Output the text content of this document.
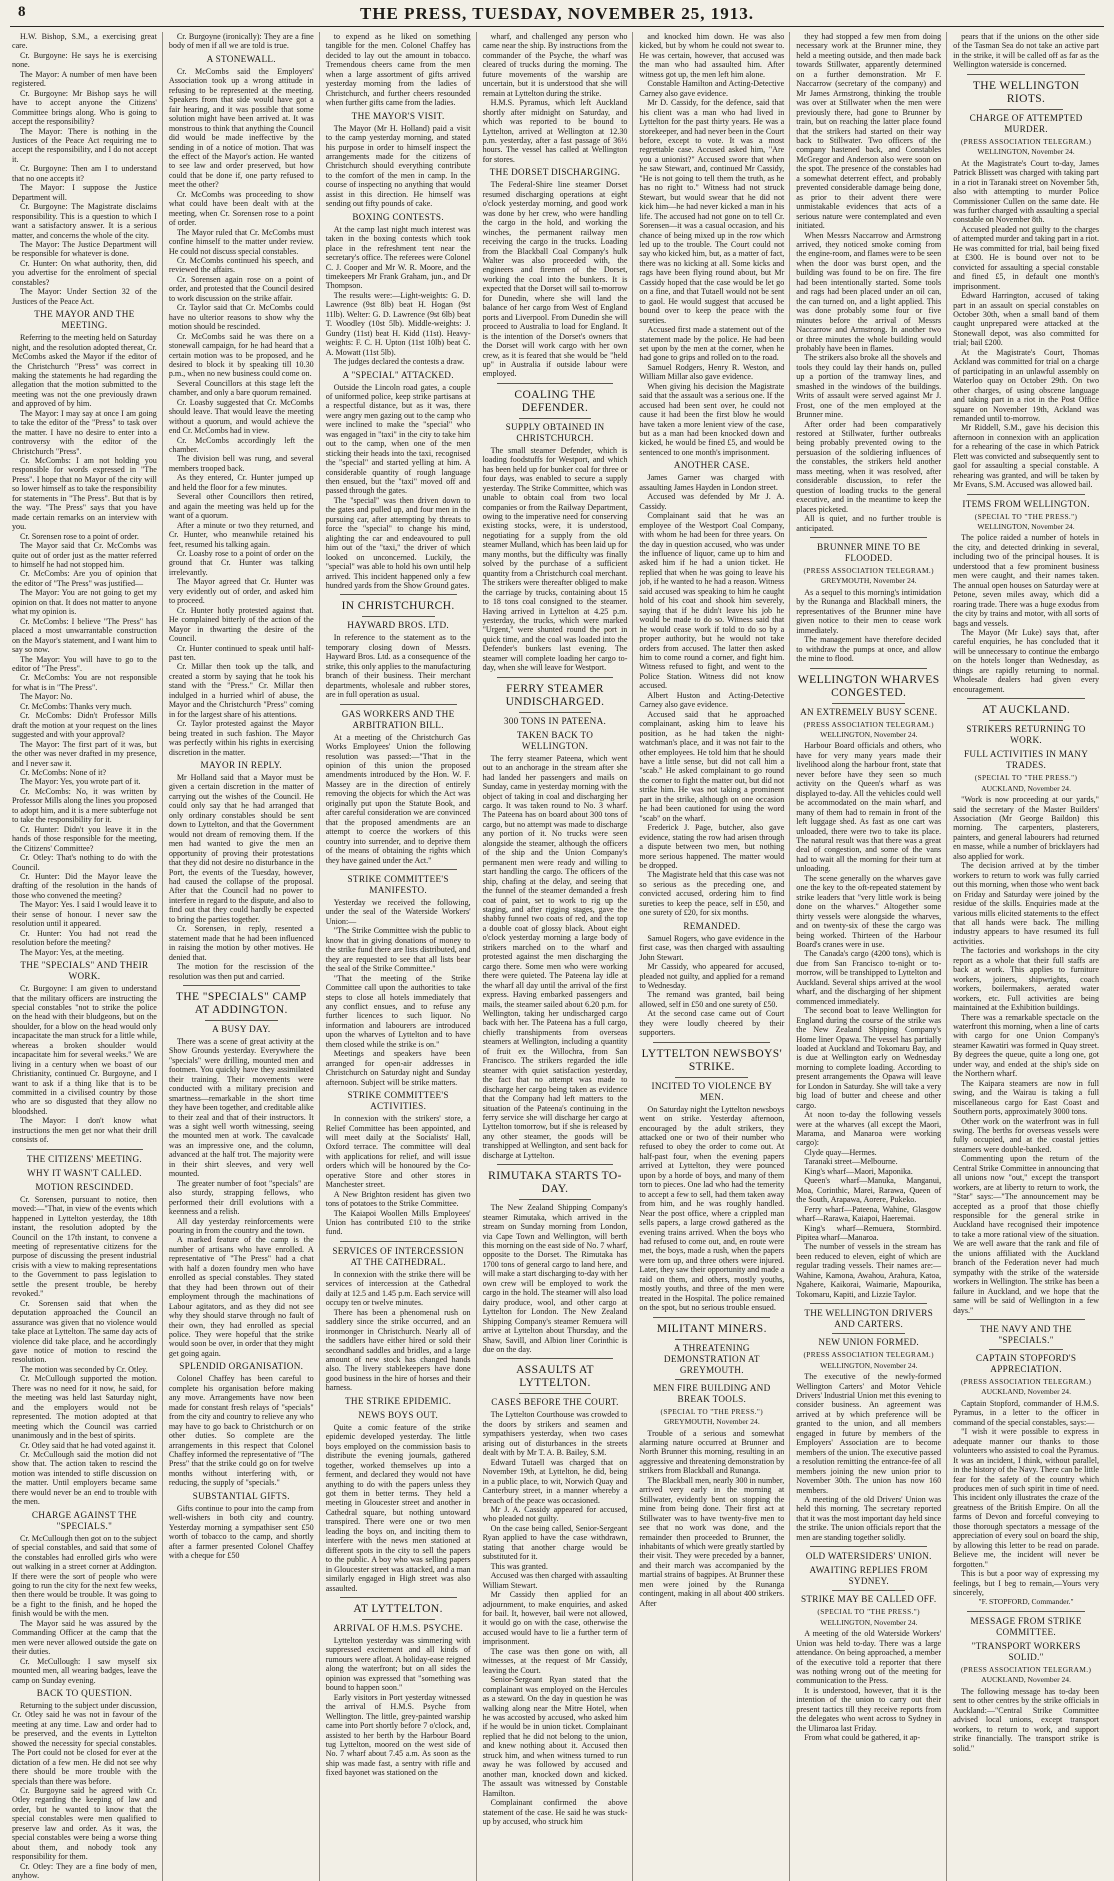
8	THE PRESS, TUESDAY, NOVEMBER 25, 1913.

H.W. Bishop, S.M., a exercising great care.

Cr. Burgoyne: He says he is exercising none.

The Mayor: A number of men have been registered.

Cr. Burgoyne: Mr Bishop says he will have to accept anyone the Citizens' Committee brings along. Who is going to accept the responsibility?

The Mayor: There is nothing in the Justices of the Peace Act requiring me to accept the responsibility, and I do not accept it.

Cr. Burgoyne: Then am I to understand that no one accepts it?

The Mayor: I suppose the Justice Department will.

Cr. Burgoyne: The Magistrate disclaims responsibility. This is a question to which I want a satisfactory answer. It is a serious matter, and concerns the whole of the city.

The Mayor: The Justice Department will be responsible for whatever is done.

Cr. Hunter: On what authority, then, did you advertise for the enrolment of special constables?

The Mayor: Under Section 32 of the Justices of the Peace Act.

THE MAYOR AND THE MEETING.

Referring to the meeting held on Saturday night, and the resolution adopted thereat, Cr. McCombs asked the Mayor if the editor of the Christchurch "Press" was correct in making the statements he had regarding the allegation that the motion submitted to the meeting was not the one previously drawn and approved of by him.

The Mayor: I may say at once I am going to take the editor of the "Press" to task over the matter. I have no desire to enter into a controversy with the editor of the Christchurch "Press".

Cr. McCombs: I am not holding you responsible for words expressed in "The Press". I hope that no Mayor of the city will so lower himself as to take the responsibility for statements in "The Press". But that is by the way. "The Press" says that you have made certain remarks on an interview with you.

Cr. Sorensen rose to a point of order.

The Mayor said that Cr. McCombs was quite out of order just as the matter referred to himself he had not stopped him.

Cr. McCombs: Are you of opinion that the editor of "The Press" was justified—

The Mayor: You are not going to get my opinion on that. It does not matter to anyone what my opinion is.

Cr. McCombs: I believe "The Press" has placed a most unwarrantable construction on the Mayor's statement, and I want him to say so now.

The Mayor: You will have to go to the editor of "The Press".

Cr. McCombs: You are not responsible for what is in "The Press".

The Mayor: No.

Cr. McCombs: Thanks very much.

Cr. McCombs: Didn't Professor Mills draft the motion at your request on the lines suggested and with your approval?

The Mayor: The first part of it was, but the other was never drafted in my presence, and I never saw it.

Cr. McCombs: None of it?

The Mayor: Yes, you wrote part of it.

Cr. McCombs: No, it was written by Professor Mills along the lines you proposed to adopt him, and it is a mere subterfuge not to take the responsibility for it.

Cr. Hunter: Didn't you leave it in the hands of those responsible for the meeting, the Citizens' Committee?

Cr. Otley: That's nothing to do with the Council.

Cr. Hunter: Did the Mayor leave the drafting of the resolution in the hands of those who convened the meeting?

The Mayor: Yes. I said I would leave it to their sense of honour. I never saw the resolution until it appeared.

Cr. Hunter: You had not read the resolution before the meeting?

The Mayor: Yes, at the meeting.

THE "SPECIALS" AND THEIR WORK.

Cr. Burgoyne: I am given to understand that the military officers are instructing the special constables "not to strike the police on the head with their bludgeons, but on the shoulder, for a blow on the head would only incapacitate the man struck for a little while, whereas a broken shoulder would incapacitate him for several weeks." We are living in a century when we boast of our Christianity, continued Cr. Burgoyne, and I want to ask if a thing like that is to be committed in a civilised country by those who are so disgusted that they allow no bloodshed.

The Mayor: I don't know what instructions the men get nor what their drill consists of.

THE CITIZENS' MEETING.
WHY IT WASN'T CALLED.
MOTION RESCINDED.

Cr. Sorensen, pursuant to notice, then moved:—"That, in view of the events which happened in Lyttelton yesterday, the 18th instant, the resolution adopted by the Council on the 17th instant, to convene a meeting of representative citizens for the purpose of discussing the present industrial crisis with a view to making representations to the Government to pass legislation to settle the present trouble, be hereby revoked."

Cr. Sorensen said that when the deputation approached the Council an assurance was given that no violence would take place at Lyttelton. The same day acts of violence did take place, and he accordingly gave notice of motion to rescind the resolution.

The motion was seconded by Cr. Otley.

Cr. McCullough supported the motion. There was no need for it now, he said, for the meeting was held last Saturday night, and the employers would not be represented. The motion adopted at that meeting which the Council was carried unanimously and in the best of spirits.

Cr. Otley said that he had voted against it.

Cr. McCullough said the motion did not show that. The action taken to rescind the motion was intended to stifle discussion on the matter. Until employers became same there would never be an end to trouble with the men.

CHARGE AGAINST THE "SPECIALS."

Cr. McCullough then got on to the subject of special constables, and said that some of the constables had enrolled girls who were out walking in a street corner at Addington. If there were the sort of people who were going to run the city for the next few weeks, then there would be trouble. It was going to be a fight to the finish, and he hoped the finish would be with the men.

The Mayor said he was assured by the Commanding Officer at the camp that the men were never allowed outside the gate on their duties.

Cr. McCullough: I saw myself six mounted men, all wearing badges, leave the camp on Sunday evening.

BACK TO QUESTION.

Returning to the subject under discussion, Cr. Otley said he was not in favour of the meeting at any time. Law and order had to be preserved, and the events in Lyttelton showed the necessity for special constables. The Port could not be closed for ever at the dictation of a few men. He did not see why there should be more trouble with the specials than there was before.

Cr. Burgoyne said he agreed with Cr. Otley regarding the keeping of law and order, but he wanted to know that the special constables were men qualified to preserve law and order. As it was, the special constables were being a worse thing about them, and nobody took any responsibility for them.

Cr. Otley: They are a fine body of men, anyhow.

Cr. Burgoyne (ironically): They are a fine body of men if all we are told is true.

A STONEWALL.

Cr. McCombs said the Employers' Association took up a wrong attitude in refusing to be represented at the meeting. Speakers from that side would have got a fair hearing, and it was possible that some solution might have been arrived at. It was monstrous to think that anything the Council did would be made ineffective by the sending in of a notice of motion. That was the effect of the Mayor's action. He wanted to see law and order preserved, but how could that be done if, one party refused to meet the other?

Cr. McCombs was proceeding to show what could have been dealt with at the meeting, when Cr. Sorensen rose to a point of order.

The Mayor ruled that Cr. McCombs must confine himself to the matter under review. He could not discuss special constables.

Cr. McCombs continued his speech, and reviewed the affairs.

Cr. Sorensen again rose on a point of order, and protested that the Council desired to work discussion on the strike affair.

Cr. Taylor said that Cr. McCombs could have no ulterior reasons to show why the motion should be rescinded.

Cr. McCombs said he was there on a stonewall campaign, for he had heard that a certain motion was to be proposed, and he desired to block it by speaking till 10.30 p.m., when no new business could come on.

Several Councillors at this stage left the chamber, and only a bare quorum remained.

Cr. Loasby suggested that Cr. McCombs should leave. That would leave the meeting without a quorum, and would achieve the end Cr. McCombs had in view.

Cr. McCombs accordingly left the chamber.

The division bell was rung, and several members trooped back.

As they entered, Cr. Hunter jumped up and held the floor for a few minutes.

Several other Councillors then retired, and again the meeting was held up for the want of a quorum.

After a minute or two they returned, and Cr. Hunter, who meanwhile retained his feet, resumed his talking again.

Cr. Loasby rose to a point of order on the ground that Cr. Hunter was talking irrelevantly.

The Mayor agreed that Cr. Hunter was very evidently out of order, and asked him to proceed.

Cr. Hunter hotly protested against that. He complained bitterly of the action of the Mayor in thwarting the desire of the Council.

Cr. Hunter continued to speak until half-past ten.

Cr. Millar then took up the talk, and created a storm by saying that he took his stand with the "Press." Cr. Millar then indulged in a hurried whirl of abuse, the Mayor and the Christchurch "Press" coming in for the largest share of his attentions.

Cr. Taylor protested against the Mayor being treated in such fashion. The Mayor was perfectly within his rights in exercising discretion in the matter.

MAYOR IN REPLY.

Mr Holland said that a Mayor must be given a certain discretion in the matter of carrying out the wishes of the Council. He could only say that he had arranged that only ordinary constables should be sent down to Lyttelton, and that the Government would not dream of removing them. If the men had wanted to give the men an opportunity of proving their protestations that they did not desire no disturbance in the Port, the events of the Tuesday, however, had caused the collapse of the proposal. After that the Council had no power to interfere in regard to the dispute, and also to find out that they could hardly be expected to bring the parties together.

Cr. Sorensen, in reply, resented a statement made that he had been influenced in raising the motion by other motives. He denied that.

The motion for the rescission of the resolution was then put and carried.

THE "SPECIALS" CAMP AT ADDINGTON.
A BUSY DAY.

There was a scene of great activity at the Show Grounds yesterday. Everywhere the "specials" were drilling, mounted men and footmen. You quickly have they assimilated their training. Their movements were conducted with a military precision and smartness—remarkable in the short time they have been together, and creditable alike to their zeal and that of their instructors. It was a sight well worth witnessing, seeing the mounted men at work. The cavalcade was an impressive one, and the column, advanced at the half trot. The majority were in their shirt sleeves, and very well mounted.

The greater number of foot "specials" are also sturdy, strapping fellows, who performed their drill evolutions with a keenness and a relish.

All day yesterday reinforcements were pouring in from the country and the town.

A marked feature of the camp is the number of artisans who have enrolled. A representative of "The Press" had a chat with half a dozen foundry men who have enrolled as special constables. They stated that they had been thrown out of their employment through the machinations of Labour agitators, and as they did not see why they should starve through no fault of their own, they had enrolled as special police. They were hopeful that the strike would soon be over, in order that they might get going again.

SPLENDID ORGANISATION.

Colonel Chaffey has been careful to complete his organisation before making any move. Arrangements have now been made for constant fresh relays of "specials" from the city and country to relieve any who may have to go back to Christchurch or on other duties. So complete are the arrangements in this respect that Colonel Chaffey informed the representative of "The Press" that the strike could go on for twelve months without interfering with, or reducing, the supply of "specials."

SUBSTANTIAL GIFTS.

Gifts continue to pour into the camp from well-wishers in both city and country. Yesterday morning a sympathiser sent £50 worth of tobacco to the camp, and shortly after a farmer presented Colonel Chaffey with a cheque for £50

to expend as he liked on something tangible for the men. Colonel Chaffey has decided to lay out the amount in tobacco. Tremendous cheers came from the men when a large assortment of gifts arrived yesterday morning from the ladies of Christchurch, and further cheers resounded when further gifts came from the ladies.

THE MAYOR'S VISIT.

The Mayor (Mr H. Holland) paid a visit to the camp yesterday morning, and stated his purpose in order to himself inspect the arrangements made for the citizens of Christchurch should everything contribute to the comfort of the men in camp. In the course of inspecting no anything that would assist in this direction. He himself was sending out fifty pounds of cake.

BOXING CONTESTS.

At the camp last night much interest was taken in the boxing contests which took place in the refreshment tent near the secretary's office. The referees were Colonel C. J. Cooper and Mr W. R. Moore, and the timekeepers Mr Frank Graham, jun., and Dr Thompson.

The results were:—Light-weights: G. D. Lawrence (9st 8lb) beat H. Hogan (9st 11lb). Welter: G. D. Lawrence (9st 6lb) beat T. Woodley (10st 5lb). Middle-weights: J. Gundry (11st) beat H. Kidd (11st). Heavy-weights: F. C. H. Upton (11st 10lb) beat C. A. Mowatt (11st 5lb).

The judges declared the contests a draw.

A "SPECIAL" ATTACKED.

Outside the Lincoln road gates, a couple of uniformed police, keep strike partisans at a respectful distance, but as it was, there were angry men gazing out to the camp who were inclined to make the "special" who was engaged in "taxi" in the city to take him out to the camp, when one of the men sticking their heads into the taxi, recognised the "special" and started yelling at him. A considerable quantity of rough language then ensued, but the "taxi" moved off and passed through the gates.

The "special" was then driven down to the gates and pulled up, and four men in the pursuing car, after attempting by threats to force the "special" to change his mind, alighting the car and endeavoured to pull him out of the "taxi," the driver of which looked on unconcerned. Luckily, the "special" was able to hold his own until help arrived. This incident happened only a few hundred yards from the Show Ground gates.

IN CHRISTCHURCH.
HAYWARD BROS. LTD.

In reference to the statement as to the temporary closing down of Messrs. Hayward Bros. Ltd. as a consequence of the strike, this only applies to the manufacturing branch of their business. Their merchant departments, wholesale and rubber stores, are in full operation as usual.

GAS WORKERS AND THE ARBITRATION BILL.

At a meeting of the Christchurch Gas Works Employees' Union the following resolution was passed:—"That in the opinion of this union the proposed amendments introduced by the Hon. W. F. Massey are in the direction of entirely removing the objects for which the Act was originally put upon the Statute Book, and after careful consideration we are convinced that the proposed amendments are an attempt to coerce the workers of this country into surrender, and to deprive them of the means of obtaining the rights which they have gained under the Act."

STRIKE COMMITTEE'S MANIFESTO.

Yesterday we received the following, under the seal of the Waterside Workers' Union:—

"The Strike Committee wish the public to know that in giving donations of money to the strike fund there are lists distributed, and they are requested to see that all lists bear the seal of the Strike Committee."

"That the meeting of the Strike Committee call upon the authorities to take steps to close all hotels immediately that any conflict ensues, and to refuse any further licences to such liquor. No information and labourers are introduced upon the wharves of Lyttelton and to have them closed while the strike is on."

Meetings and speakers have been arranged for open-air addresses in Christchurch on Saturday night and Sunday afternoon. Subject will be strike matters.

STRIKE COMMITTEE'S ACTIVITIES.

In connexion with the strikers' store, a Relief Committee has been appointed, and will meet daily at the Socialists' Hall, Oxford terrace. The committee will deal with applications for relief, and will issue orders which will be honoured by the Co-operative Store and other stores in Manchester street.

A New Brighton resident has given two tons of potatoes to the Strike Committee.

The Kaiapoi Woollen Mills Employees' Union has contributed £10 to the strike fund.

SERVICES OF INTERCESSION AT THE CATHEDRAL.

In connexion with the strike there will be services of intercession at the Cathedral daily at 12.5 and 1.45 p.m. Each service will occupy ten or twelve minutes.

There has been a phenomenal rush on saddlery since the strike occurred, and an ironmonger in Christchurch. Nearly all of the saddlers have either hired or sold their secondhand saddles and bridles, and a large amount of new stock has changed hands also. The livery stablekeepers have done good business in the hire of horses and their harness.

THE STRIKE EPIDEMIC.
NEWS BOYS OUT.

Quite a comic feature of the strike epidemic developed yesterday. The little boys employed on the commission basis to distribute the evening journals, gathered together, worked themselves up into a ferment, and declared they would not have anything to do with the papers unless they got them in better terms. They held a meeting in Gloucester street and another in Cathedral square, but nothing untoward transpired. There were one or two men leading the boys on, and inciting them to interfere with the news men stationed at different spots in the city to sell the papers to the public. A boy who was selling papers in Gloucester street was attacked, and a man similarly engaged in High street was also assaulted.

AT LYTTELTON.
ARRIVAL OF H.M.S. PSYCHE.

Lyttelton yesterday was simmering with suppressed excitement and all kinds of rumours were afloat. A holiday-ease reigned along the waterfront; but on all sides the opinion was expressed that "something was bound to happen soon."

Early visitors in Port yesterday witnessed the arrival of H.M.S. Psyche from Wellington. The little, grey-painted warship came into Port shortly before 7 o'clock, and, assisted to her berth by the Harbour Board tug Lyttelton, moored on the west side of No. 7 wharf about 7.45 a.m. As soon as the ship was made fast, a sentry with rifle and fixed bayonet was stationed on the

wharf, and challenged any person who came near the ship. By instructions from the commander of the Psyche, the wharf was cleared of trucks during the morning. The future movements of the warship are uncertain, but it is understood that she will remain at Lyttelton during the strike.

H.M.S. Pyramus, which left Auckland shortly after midnight on Saturday, and which was reported to be bound to Lyttelton, arrived at Wellington at 12.30 p.m. yesterday, after a fast passage of 36½ hours. The vessel has called at Wellington for stores.

THE DORSET DISCHARGING.

The Federal-Shire line steamer Dorset resumed discharging operations at eight o'clock yesterday morning, and good work was done by her crew, who were handling the cargo in the hold, and working the winches, the permanent railway men receiving the cargo in the trucks. Loading from the Blackball Coal Company's hulk Walter was also proceeded with, the engineers and firemen of the Dorset, working the coal into the bunkers. It is expected that the Dorset will sail to-morrow for Dunedin, where she will land the balance of her cargo from West of England ports and Liverpool. From Dunedin she will proceed to Australia to load for England. It is the intention of the Dorset's owners that the Dorset will work cargo with her own crew, as it is feared that she would be "held up" in Australia if outside labour were employed.

COALING THE DEFENDER.
SUPPLY OBTAINED IN CHRISTCHURCH.

The small steamer Defender, which is loading foodstuffs for Westport, and which has been held up for bunker coal for three or four days, was enabled to secure a supply yesterday. The Strike Committee, which was unable to obtain coal from two local companies or from the Railway Department, owing to the imperative need for conserving existing stocks, were, it is understood, negotiating for a supply from the old steamer Mulland, which has been laid up for many months, but the difficulty was finally solved by the purchase of a sufficient quantity from a Christchurch coal merchant. The strikers were thereafter obliged to make the carriage by trucks, containing about 15 to 18 tons coal consigned to the steamer. Having arrived in Lyttelton at 4.25 p.m. yesterday, the trucks, which were marked "Urgent," were shunted round the port in quick time, and the coal was loaded into the Defender's bunkers last evening. The steamer will complete loading her cargo to-day, when she will leave for Westport.

FERRY STEAMER UNDISCHARGED.
300 TONS IN PATEENA.
TAKEN BACK TO WELLINGTON.

The ferry steamer Pateena, which went out to an anchorage in the stream after she had landed her passengers and mails on Sunday, came in yesterday morning with the object of taking in coal and discharging her cargo. It was taken round to No. 3 wharf. The Pateena has on board about 300 tons of cargo, but no attempt was made to discharge any portion of it. No trucks were seen alongside the steamer, although the officers of the ship and the Union Company's permanent men were ready and willing to start handling the cargo. The officers of the ship, chafing at the delay, and seeing that the funnel of the steamer demanded a fresh coat of paint, set to work to rig up the staging, and after rigging stages, gave the shabby funnel two coats of red, and the top a double coat of glossy black. About eight o'clock yesterday morning a large body of strikers marched on to the wharf and protested against the men discharging the cargo there. Some men who were working there were quieted. The Pateena lay idle at the wharf all day until the arrival of the first express. Having embarked passengers and mails, the steamer sailed about 6.20 p.m. for Wellington, taking her undischarged cargo back with her. The Pateena has a full cargo, chiefly transhipments from overseas steamers at Wellington, including a quantity of fruit ex the Willochra, from San Francisco. The strikers regarded the idle steamer with quiet satisfaction yesterday, the fact that no attempt was made to discharge her cargo being taken as evidence that the Company had left matters to the situation of the Pateena's continuing in the ferry service she will discharge her cargo at Lyttelton tomorrow, but if she is released by any other steamer, the goods will be transhipped at Wellington, and sent back for discharge at Lyttelton.

RIMUTAKA STARTS TO-DAY.

The New Zealand Shipping Company's steamer Rimutaka, which arrived in the stream on Sunday morning from London, via Cape Town and Wellington, will berth this morning on the east side of No. 7 wharf, opposite to the Dorset. The Rimutaka has 1700 tons of general cargo to land here, and will make a start discharging to-day with her own crew will be employed to work the cargo in the hold. The steamer will also load dairy produce, wool, and other cargo at Lyttelton for London. The New Zealand Shipping Company's steamer Remuera will arrive at Lyttelton about Thursday, and the Shaw, Savill, and Albion liner Corinthic is due on the day.

ASSAULTS AT LYTTELTON.
CASES BEFORE THE COURT.

The Lyttelton Courthouse was crowded to the doors by strikers and seamen and sympathisers yesterday, when two cases arising out of disturbances in the streets dealt with by Mr T. A. B. Bailey, S.M.

Edward Tutaell was charged that on November 19th, at Lyttelton, he did, being in a public place, to wit, Norwich Quay and Canterbury street, in a manner whereby a breach of the peace was occasioned.

Mr J. A. Cassidy appeared for accused, who pleaded not guilty.

On the case being called, Senior-Sergeant Ryan applied to have the case withdrawn, stating that another charge would be substituted for it.

This was granted.

Accused was then charged with assaulting William Stewart.

Mr Cassidy then applied for an adjournment, to make enquiries, and asked for bail. It, however, bail were not allowed, it would go on with the case, otherwise the accused would have to lie a further term of imprisonment.

The case was then gone on with, all witnesses, at the request of Mr Cassidy, leaving the Court.

Senior-Sergeant Ryan stated that the complainant was employed on the Hercules as a steward. On the day in question he was walking along near the Mitre Hotel, when he was accosted by accused, who asked him if he would be in union ticket. Complainant replied that he did not belong to the union, and knew nothing about it. Accused then struck him, and when witness turned to run away he was followed by accused and another man, knocked down and kicked. The assault was witnessed by Constable Hamilton.

Complainant confirmed the above statement of the case. He said he was stuck-up by accused, who struck him

and knocked him down. He was also kicked, but by whom he could not swear to. He was certain, however, that accused was the man who had assaulted him. After witness got up, the men left him alone.

Constable Hamilton and Acting-Detective Carney also gave evidence.

Mr D. Cassidy, for the defence, said that his client was a man who had lived in Lyttelton for the past thirty years. He was a storekeeper, and had never been in the Court before, except to vote. It was a most regrettable case. Accused asked him, "Are you a unionist?" Accused swore that when he saw Stewart, and, continued Mr Cassidy, "He is not going to tell them the truth, as he has no right to." Witness had not struck Stewart, but would swear that he did not kick him—he had never kicked a man in his life. The accused had not gone on to tell Cr. Sorensen—it was a casual occasion, and his chance of being mixed up in the row which led up to the trouble. The Court could not say who kicked him, but, as a matter of fact, there was no kicking at all. Some kicks and rags have been flying round about, but Mr Cassidy hoped that the case would be let go on a fine, and that Tutaell would not be sent to gaol. He would suggest that accused be bound over to keep the peace with the sureties.

Accused first made a statement out of the statement made by the police. He had been set upon by the men at the corner, when he had gone to grips and rolled on to the road.

Samuel Rodgers, Henry R. Weston, and William Millar also gave evidence.

When giving his decision the Magistrate said that the assault was a serious one. If the accused had been sent over, he could not cause it had been the first blow he would have taken a more lenient view of the case, but as a man had been knocked down and kicked, he would be fined £5, and would be sentenced to one month's imprisonment.

ANOTHER CASE.

James Garner was charged with assaulting James Hayden in London street.

Accused was defended by Mr J. A. Cassidy.

Complainant said that he was an employee of the Westport Coal Company, with whom he had been for three years. On the day in question accused, who was under the influence of liquor, came up to him and asked him if he had a union ticket. He replied that when he was going to leave his job, if he wanted to he had a reason. Witness said accused was speaking to him he caught hold of his coat and shook him severely, saying that if he didn't leave his job he would be made to do so. Witness said that he would cease work if told to do so by a proper authority, but he would not take orders from accused. The latter then asked him to come round a corner, and fight him. Witness refused to fight, and went to the Police Station. Witness did not know accused.

Albert Huston and Acting-Detective Carney also gave evidence.

Accused said that he approached complainant, asking him to leave his position, as he had taken the night-watchman's place, and it was not fair to the other employees. He told him that he should have a little sense, but did not call him a "scab." He asked complainant to go round the corner to fight the matter out, but did not strike him. He was not taking a prominent part in the strike, although on one occasion he had been cautioned for using the word "scab" on the wharf.

Frederick J. Page, butcher, also gave evidence, stating the row had arisen through a dispute between two men, but nothing more serious happened. The matter would be dropped.

The Magistrate held that this case was not so serious as the preceding one, and convicted accused, ordering him to find sureties to keep the peace, self in £50, and one surety of £20, for six months.

REMANDED.

Samuel Rogers, who gave evidence in the first case, was then charged with assaulting John Stewart.

Mr Cassidy, who appeared for accused, pleaded not guilty, and applied for a remand to Wednesday.

The remand was granted, bail being allowed, self in £50 and one surety of £50.

At the second case came out of Court they were loudly cheered by their supporters.

LYTTELTON NEWSBOYS' STRIKE.
INCITED TO VIOLENCE BY MEN.

On Saturday night the Lyttelton newsboys went on strike. Yesterday afternoon, encouraged by the adult strikers, they attacked one or two of their number who refused to obey the order to come out. At half-past four, when the evening papers arrived at Lyttelton, they were pounced upon by a horde of boys, and many of them torn to pieces. One lad who had the temerity to accept a few to sell, had them taken away from him, and he was roughly handled. Near the post office, where a crippled man sells papers, a large crowd gathered as the evening trains arrived. When the boys who had refused to come out, and, en route were met, the boys, made a rush, when the papers were torn up, and three others were injured. Later, they saw their opportunity and made a raid on them, and others, mostly youths, mostly youths, and three of the men were treated in the Hospital. The police remained on the spot, but no serious trouble ensued.

MILITANT MINERS.
A THREATENING DEMONSTRATION AT GREYMOUTH.
MEN FIRE BUILDING AND BREAK TOOLS.
(SPECIAL TO "THE PRESS.")
GREYMOUTH, November 24.

Trouble of a serious and somewhat alarming nature occurred at Brunner and North Brunner this morning, resulting in an aggressive and threatening demonstration by strikers from Blackball and Runanga.

The Blackball men, nearly 300 in number, arrived very early in the morning at Stillwater, evidently bent on stopping the mine from being done. Their first act at Stillwater was to have twenty-five men to see that no work was done, and the remainder then proceeded to Brunner, the inhabitants of which were greatly startled by their visit. They were preceded by a banner, and their march was accompanied by the martial strains of bagpipes. At Brunner these men were joined by the Runanga contingent, making in all about 400 strikers. After

they had stopped a few men from doing necessary work at the Brunner mine, they held a meeting outside, and then made back towards Stillwater, apparently determined on a further demonstration. Mr F. Naccarrow (secretary of the company) and Mr James Armstrong, thinking the trouble was over at Stillwater when the men were previously there, had gone to Brunner by train, but on reaching the latter place found that the strikers had started on their way back to Stillwater. Two officers of the company hastened back, and Constables McGregor and Anderson also were soon on the spot. The presence of the constables had a somewhat deterrent effect, and probably prevented considerable damage being done, as prior to their advent there were unmistakable evidences that acts of a serious nature were contemplated and even initiated.

When Messrs Naccarrow and Armstrong arrived, they noticed smoke coming from the engine-room, and flames were to be seen when the door was burst open, and the building was found to be on fire. The fire had been intentionally started. Some tools and rags had been placed under an oil can, the can turned on, and a light applied. This was done probably some four or five minutes before the arrival of Messrs Naccarrow and Armstrong. In another two or three minutes the whole building would probably have been in flames.

The strikers also broke all the shovels and tools they could lay their hands on, pulled up a portion of the tramway lines, and smashed in the windows of the buildings. Writs of assault were served against Mr J. Frost, one of the men employed at the Brunner mine.

After order had been comparatively restored at Stillwater, further outbreaks being probably prevented owing to the persuasion of the soldiering influences of the constables, the strikers held another mass meeting, when it was resolved, after considerable discussion, to refer the question of loading trucks to the general executive, and in the meantime to keep the places picketed.

All is quiet, and no further trouble is anticipated.

BRUNNER MINE TO BE FLOODED.
(PRESS ASSOCIATION TELEGRAM.)
GREYMOUTH, November 24.

As a sequel to this morning's intimidation by the Runanga and Blackball miners, the representatives of the Brunner mine have given notice to their men to cease work immediately.

The management have therefore decided to withdraw the pumps at once, and allow the mine to flood.

WELLINGTON WHARVES CONGESTED.
AN EXTREMELY BUSY SCENE.
(PRESS ASSOCIATION TELEGRAM.)
WELLINGTON, November 24.

Harbour Board officials and others, who have for very many years made their livelihood along the harbour front, state that never before have they seen so much activity on the Queen's wharf as was displayed to-day. All the vehicles could well be accommodated on the main wharf, and many of them had to remain in front of the left luggage shed. As fast as one cart was unloaded, there were two to take its place. The natural result was that there was a great deal of congestion, and some of the vans had to wait all the morning for their turn at unloading.

The scene generally on the wharves gave one the key to the oft-repeated statement by strike leaders that "very little work is being done on the wharves." Altogether some thirty vessels were alongside the wharves, and on twenty-six of these the cargo was being worked. Thirteen of the Harbour Board's cranes were in use.

The Canada's cargo (4200 tons), which is due from San Francisco to-night or to-morrow, will be transhipped to Lyttelton and Auckland. Several ships arrived at the wool wharf, and the discharging of her shipment commenced immediately.

The second boat to leave Wellington for England during the course of the strike was the New Zealand Shipping Company's Home liner Opawa. The vessel has partially loaded at Auckland and Tokomaru Bay, and is due at Wellington early on Wednesday morning to complete loading. According to present arrangements the Opawa will leave for London in Saturday. She will take a very big load of butter and cheese and other cargo.

At noon to-day the following vessels were at the wharves (all except the Maori, Marama, and Manaroa were working cargo):

Clyde quay—Hermes.

Taranaki street—Melbourne.

King's wharf—Maori, Maponika.

Queen's wharf—Manuka, Manganui, Moa, Corinthic, Marei, Rarawa, Queen of the South, Arapawa, Aorere, Pukeko.

Ferry wharf—Pateena, Wahine, Glasgow wharf—Rarawa, Kaiapoi, Haeremai.

King's wharf—Remuera, Stormbird. Pipitea wharf—Manaroa.

The number of vessels in the stream has been reduced to eleven, eight of which are regular trading vessels. Their names are:—Wahine, Kamona, Awahou, Arahura, Katoa, Ngahere, Kaikorai, Waimarie, Mapourika, Tokomaru, Kapiti, and Lizzie Taylor.

THE WELLINGTON DRIVERS AND CARTERS.
NEW UNION FORMED.
(PRESS ASSOCIATION TELEGRAM.)
WELLINGTON, November 24.

The executive of the newly-formed Wellington Carters' and Motor Vehicle Drivers' Industrial Union met this evening to consider business. An agreement was arrived at by which preference will be granted to the union, and all members engaged in future by members of the Employers' Association are to become members of the union. The executive passed a resolution remitting the entrance-fee of all members joining the new union prior to November 30th. The union has now 160 members.

A meeting of the old Drivers' Union was held this morning. The secretary reported that it was the most important day held since the strike. The union officials report that the men are standing together solidly.

OLD WATERSIDERS' UNION.
AWAITING REPLIES FROM SYDNEY.
STRIKE MAY BE CALLED OFF.
(SPECIAL TO "THE PRESS.")
WELLINGTON, November 24.

A meeting of the old Waterside Workers' Union was held to-day. There was a large attendance. On being approached, a member of the executive told a reporter that there was nothing wrong out of the meeting for communication to the Press.

It is understood, however, that it is the intention of the union to carry out their present tactics till they receive reports from the delegates who went across to Sydney in the Ulimaroa last Friday.

From what could be gathered, it ap-

pears that if the unions on the other side of the Tasman Sea do not take an active part in the strike, it will be called off as far as the Wellington waterside is concerned.

THE WELLINGTON RIOTS.
CHARGE OF ATTEMPTED MURDER.
(PRESS ASSOCIATION TELEGRAM.)
WELLINGTON, November 24.

At the Magistrate's Court to-day, James Patrick Blissett was charged with taking part in a riot in Taranaki street on November 5th, also with attempting to murder Police Commissioner Cullen on the same date. He was further charged with assaulting a special constable on November 8th.

Accused pleaded not guilty to the charges of attempted murder and taking part in a riot. He was committed for trial, bail being fixed at £300. He is bound over not to be convicted for assaulting a special constable and fined £5, in default one month's imprisonment.

Edward Harrington, accused of taking part in an assault on special constables on October 30th, when a small band of them caught unprepared were attacked at the Stonewall depot, was also committed for trial; bail £200.

At the Magistrate's Court, Thomas Ackland was committed for trial on a charge of participating in an unlawful assembly on Waterloo quay on October 29th. On two other charges, of using obscene language and taking part in a riot in the Post Office square on November 19th, Ackland was remanded until to-morrow.

Mr Riddell, S.M., gave his decision this afternoon in connexion with an application for a rehearing of the case in which Patrick Flett was convicted and subsequently sent to gaol for assaulting a special constable. A rehearing was granted, and will be taken by Mr Evans, S.M. Accused was allowed bail.

ITEMS FROM WELLINGTON.
(SPECIAL TO "THE PRESS.")
WELLINGTON, November 24.

The police raided a number of hotels in the city, and detected drinking in several, including two of the principal houses. It is understood that a few prominent business men were caught, and their names taken. The annual open houses on Saturday were at Petone, seven miles away, which did a roaring trade. There was a huge exodus from the city by trains and motor, with all sorts of bags and vessels.

The Mayor (Mr Luke) says that, after careful enquiries, he has concluded that it will be unnecessary to continue the embargo on the hotels longer than Wednesday, as things are rapidly returning to normal. Wholesale dealers had given every encouragement.

AT AUCKLAND.
STRIKERS RETURNING TO WORK.
FULL ACTIVITIES IN MANY TRADES.
(SPECIAL TO "THE PRESS.")
AUCKLAND, November 24.

"Work is now proceeding at our yards," said the secretary of the Master Builders' Association (Mr George Baildon) this morning. The carpenters, plasterers, painters, and general labourers had returned en masse, while a number of bricklayers had also applied for work.

The decision arrived at by the timber workers to return to work was fully carried out this morning, when those who went back on Friday and Saturday were joined by the residue of the skills. Enquiries made at the various mills elicited statements to the effect that all hands were back. The milling industry appears to have resumed its full activities.

The factories and workshops in the city report as a whole that their full staffs are back at work. This applies to furniture workers, joiners, shipwrights, coach workers, boilermakers, aerated water workers, etc. Full activities are being maintained at the Exhibition buildings.

There was a remarkable spectacle on the waterfront this morning, when a line of carts with cargo for one Union Company's steamer Kawatiri was formed in Quay street. By degrees the queue, quite a long one, got under way, and ended at the ship's side on the Northern wharf.

The Kaipara steamers are now in full swing, and the Wairau is taking a full miscellaneous cargo for East Coast and Southern ports, approximately 3000 tons.

Other work on the waterfront was in full swing. The berths for overseas vessels were fully occupied, and at the coastal jetties steamers were double-banked.

Commenting upon the return of the Central Strike Committee in announcing that all unions now "out," except the transport workers, are at liberty to return to work, the "Star" says:—"The announcement may be accepted as a proof that those chiefly responsible for the general strike in Auckland have recognised their impotence to take a more rational view of the situation. We are well aware that the rank and file of the unions affiliated with the Auckland branch of the Federation never had much sympathy with the strike of the waterside workers in Wellington. The strike has been a failure in Auckland, and we hope that the same will be said of Wellington in a few days."

THE NAVY AND THE "SPECIALS."
CAPTAIN STOPFORD'S APPRECIATION.
(PRESS ASSOCIATION TELEGRAM.)
AUCKLAND, November 24.

Captain Stopford, commander of H.M.S. Pyramus, in a letter to the officer in command of the special constables, says:—

"I wish it were possible to express in adequate manner our thanks to those volunteers who assisted to coal the Pyramus. It was an incident, I think, without parallel, in the history of the Navy. There can be little fear for the safety of the country which produces men of such spirit in time of need. This incident only illustrates the craze of the greatness of the British Empire. On all the farms of Devon and forceful conveying to those thorough spectators a message of the appreciation of every soul on board the ship, by allowing this letter to be read on parade. Believe me, the incident will never be forgotten."

This is but a poor way of expressing my feelings, but I beg to remain,—Yours very sincerely,

"F. STOPFORD, Commander."
MESSAGE FROM STRIKE COMMITTEE.
"TRANSPORT WORKERS SOLID."
(PRESS ASSOCIATION TELEGRAM.)
AUCKLAND, November 24.

The following message has to-day been sent to other centres by the strike officials in Auckland:—"Central Strike Committee advised local unions, except transport workers, to return to work, and support strike financially. The transport strike is solid."
